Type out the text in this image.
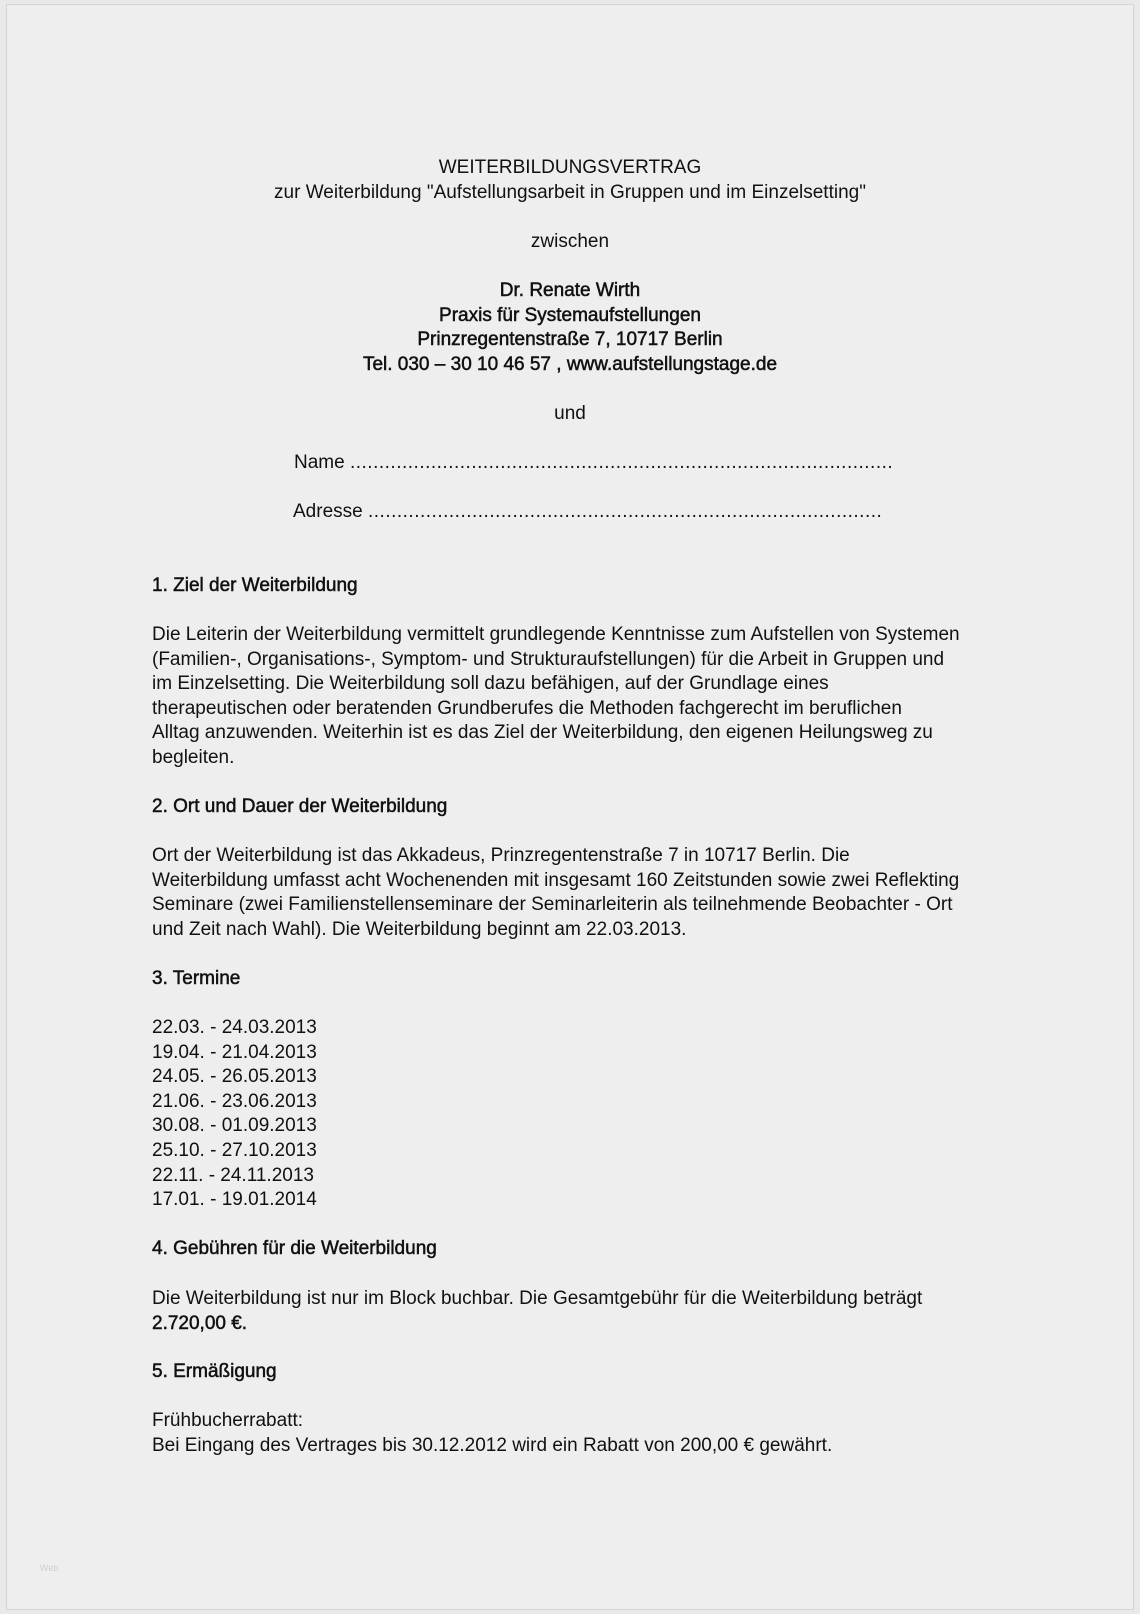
WEITERBILDUNGSVERTRAG
zur Weiterbildung "Aufstellungsarbeit in Gruppen und im Einzelsetting"
zwischen
Dr. Renate Wirth
Praxis für Systemaufstellungen
Prinzregentenstraße 7, 10717 Berlin
Tel. 030 – 30 10 46 57 , www.aufstellungstage.de
und
Name ..............................................................................................
Adresse .........................................................................................
1. Ziel der Weiterbildung
Die Leiterin der Weiterbildung vermittelt grundlegende Kenntnisse zum Aufstellen von Systemen
(Familien-, Organisations-, Symptom- und Strukturaufstellungen) für die Arbeit in Gruppen und
im Einzelsetting. Die Weiterbildung soll dazu befähigen, auf der Grundlage eines
therapeutischen oder beratenden Grundberufes die Methoden fachgerecht im beruflichen
Alltag anzuwenden. Weiterhin ist es das Ziel der Weiterbildung, den eigenen Heilungsweg zu
begleiten.
2. Ort und Dauer der Weiterbildung
Ort der Weiterbildung ist das Akkadeus, Prinzregentenstraße 7 in 10717 Berlin. Die
Weiterbildung umfasst acht Wochenenden mit insgesamt 160 Zeitstunden sowie zwei Reflekting
Seminare (zwei Familienstellenseminare der Seminarleiterin als teilnehmende Beobachter - Ort
und Zeit nach Wahl). Die Weiterbildung beginnt am 22.03.2013.
3. Termine
22.03. - 24.03.2013
19.04. - 21.04.2013
24.05. - 26.05.2013
21.06. - 23.06.2013
30.08. - 01.09.2013
25.10. - 27.10.2013
22.11. - 24.11.2013
17.01. - 19.01.2014
4. Gebühren für die Weiterbildung
Die Weiterbildung ist nur im Block buchbar. Die Gesamtgebühr für die Weiterbildung beträgt
2.720,00 €.
5. Ermäßigung
Frühbucherrabatt:
Bei Eingang des Vertrages bis 30.12.2012 wird ein Rabatt von 200,00 € gewährt.
Web
